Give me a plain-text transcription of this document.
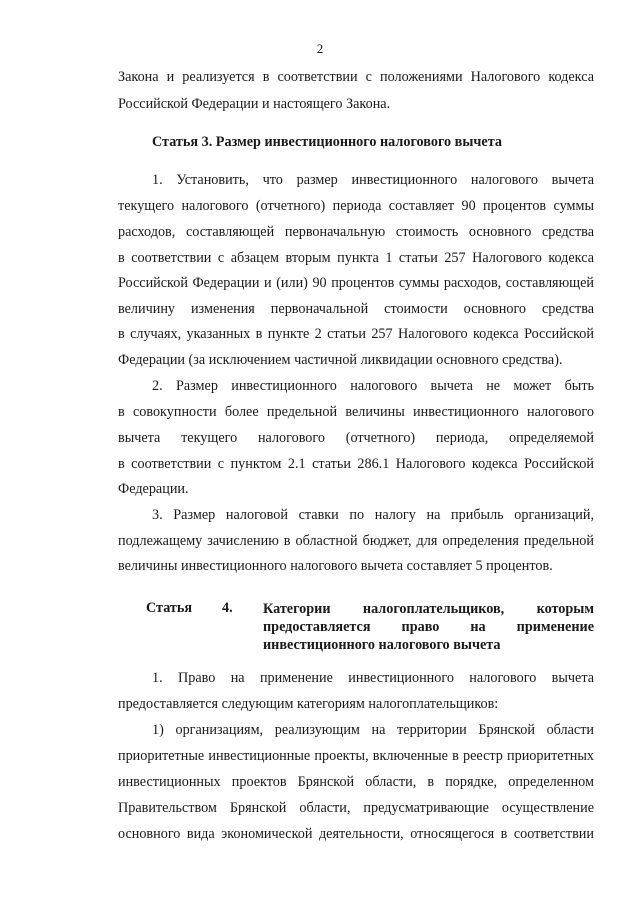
2
Закона и реализуется в соответствии с положениями Налогового кодекса
Российской Федерации и настоящего Закона.
Статья 3. Размер инвестиционного налогового вычета
1. Установить, что размер инвестиционного налогового вычета
текущего налогового (отчетного) периода составляет 90 процентов суммы
расходов, составляющей первоначальную стоимость основного средства
в соответствии с абзацем вторым пункта 1 статьи 257 Налогового кодекса
Российской Федерации и (или) 90 процентов суммы расходов, составляющей
величину изменения первоначальной стоимости основного средства
в случаях, указанных в пункте 2 статьи 257 Налогового кодекса Российской
Федерации (за исключением частичной ликвидации основного средства).
2. Размер инвестиционного налогового вычета не может быть
в совокупности более предельной величины инвестиционного налогового
вычета текущего налогового (отчетного) периода, определяемой
в соответствии с пунктом 2.1 статьи 286.1 Налогового кодекса Российской
Федерации.
3. Размер налоговой ставки по налогу на прибыль организаций,
подлежащему зачислению в областной бюджет, для определения предельной
величины инвестиционного налогового вычета составляет 5 процентов.
Статья 4. Категории налогоплательщиков, которым
предоставляется право на применение
инвестиционного налогового вычета
1. Право на применение инвестиционного налогового вычета
предоставляется следующим категориям налогоплательщиков:
1) организациям, реализующим на территории Брянской области
приоритетные инвестиционные проекты, включенные в реестр приоритетных
инвестиционных проектов Брянской области, в порядке, определенном
Правительством Брянской области, предусматривающие осуществление
основного вида экономической деятельности, относящегося в соответствии
